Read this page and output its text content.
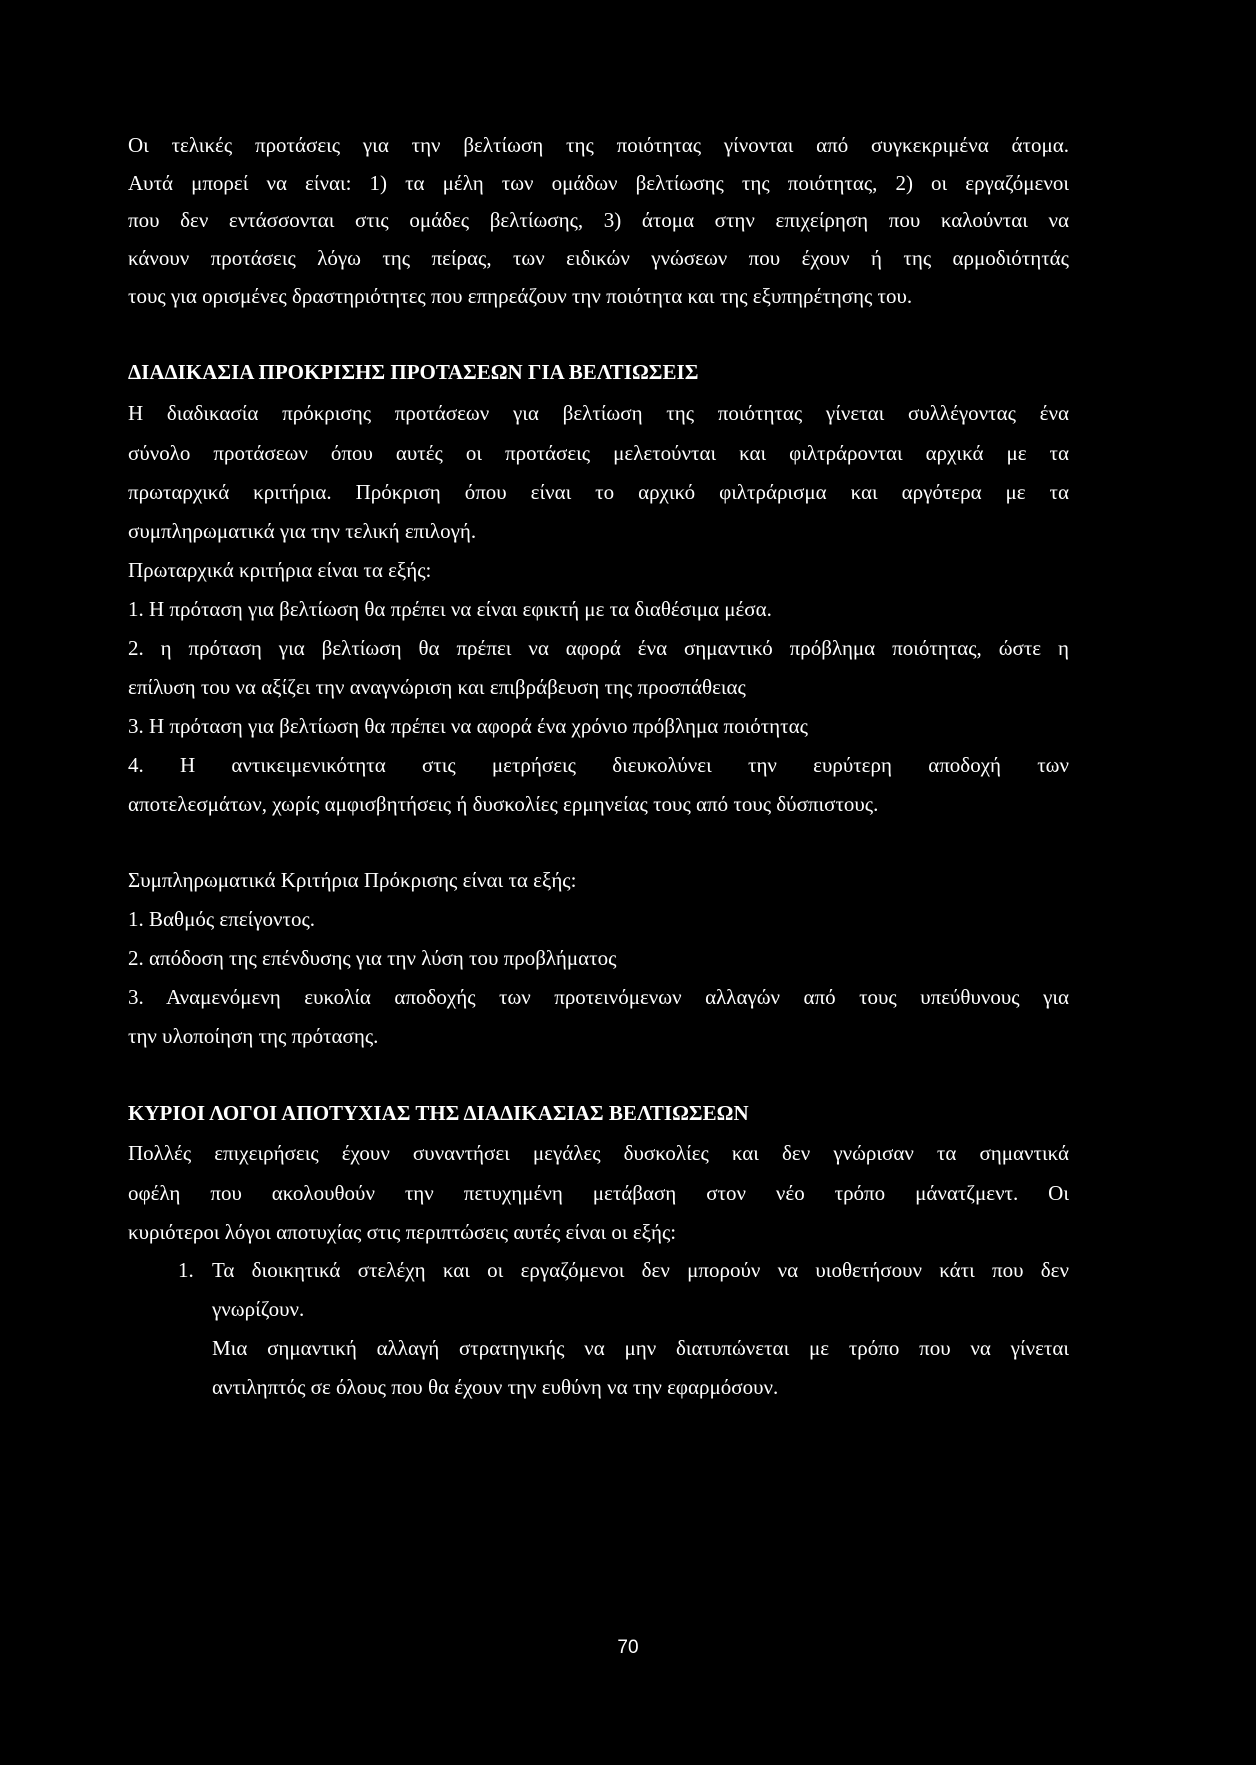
Οι τελικές προτάσεις για την βελτίωση της ποιότητας γίνονται από συγκεκριμένα άτομα.

Αυτά μπορεί να είναι: 1) τα μέλη των ομάδων βελτίωσης της ποιότητας, 2) οι εργαζόμενοι

που δεν εντάσσονται στις ομάδες βελτίωσης, 3) άτομα στην επιχείρηση που καλούνται να

κάνουν προτάσεις λόγω της πείρας, των ειδικών γνώσεων που έχουν ή της αρμοδιότητάς

τους για ορισμένες δραστηριότητες που επηρεάζουν την ποιότητα και της εξυπηρέτησης του.

ΔΙΑΔΙΚΑΣΙΑ ΠΡΟΚΡΙΣΗΣ ΠΡΟΤΑΣΕΩΝ ΓΙΑ ΒΕΛΤΙΩΣΕΙΣ

Η διαδικασία πρόκρισης προτάσεων για βελτίωση της ποιότητας γίνεται συλλέγοντας ένα

σύνολο προτάσεων όπου αυτές οι προτάσεις μελετούνται και φιλτράρονται αρχικά με τα

πρωταρχικά κριτήρια. Πρόκριση όπου είναι το αρχικό φιλτράρισμα και αργότερα με τα

συμπληρωματικά για την τελική επιλογή.

Πρωταρχικά κριτήρια είναι τα εξής:

1. Η πρόταση για βελτίωση θα πρέπει να είναι εφικτή με τα διαθέσιμα μέσα.

2. η πρόταση για βελτίωση θα πρέπει να αφορά ένα σημαντικό πρόβλημα ποιότητας, ώστε η

επίλυση του να αξίζει την αναγνώριση και επιβράβευση της προσπάθειας

3. Η πρόταση για βελτίωση θα πρέπει να αφορά ένα χρόνιο πρόβλημα ποιότητας

4. Η αντικειμενικότητα στις μετρήσεις διευκολύνει την ευρύτερη αποδοχή των

αποτελεσμάτων, χωρίς αμφισβητήσεις ή δυσκολίες ερμηνείας τους από τους δύσπιστους.

Συμπληρωματικά Κριτήρια Πρόκρισης είναι τα εξής:

1. Βαθμός επείγοντος.

2. απόδοση της επένδυσης για την λύση του προβλήματος

3. Αναμενόμενη ευκολία αποδοχής των προτεινόμενων αλλαγών από τους υπεύθυνους για

την υλοποίηση της πρότασης.

ΚΥΡΙΟΙ ΛΟΓΟΙ ΑΠΟΤΥΧΙΑΣ ΤΗΣ ΔΙΑΔΙΚΑΣΙΑΣ ΒΕΛΤΙΩΣΕΩΝ

Πολλές επιχειρήσεις έχουν συναντήσει μεγάλες δυσκολίες και δεν γνώρισαν τα σημαντικά

οφέλη που ακολουθούν την πετυχημένη μετάβαση στον νέο τρόπο μάνατζμεντ. Οι

κυριότεροι λόγοι αποτυχίας στις περιπτώσεις αυτές είναι οι εξής:

1. Τα διοικητικά στελέχη και οι εργαζόμενοι δεν μπορούν να υιοθετήσουν κάτι που δεν

γνωρίζουν.

Μια σημαντική αλλαγή στρατηγικής να μην διατυπώνεται με τρόπο που να γίνεται

αντιληπτός σε όλους που θα έχουν την ευθύνη να την εφαρμόσουν.

70
